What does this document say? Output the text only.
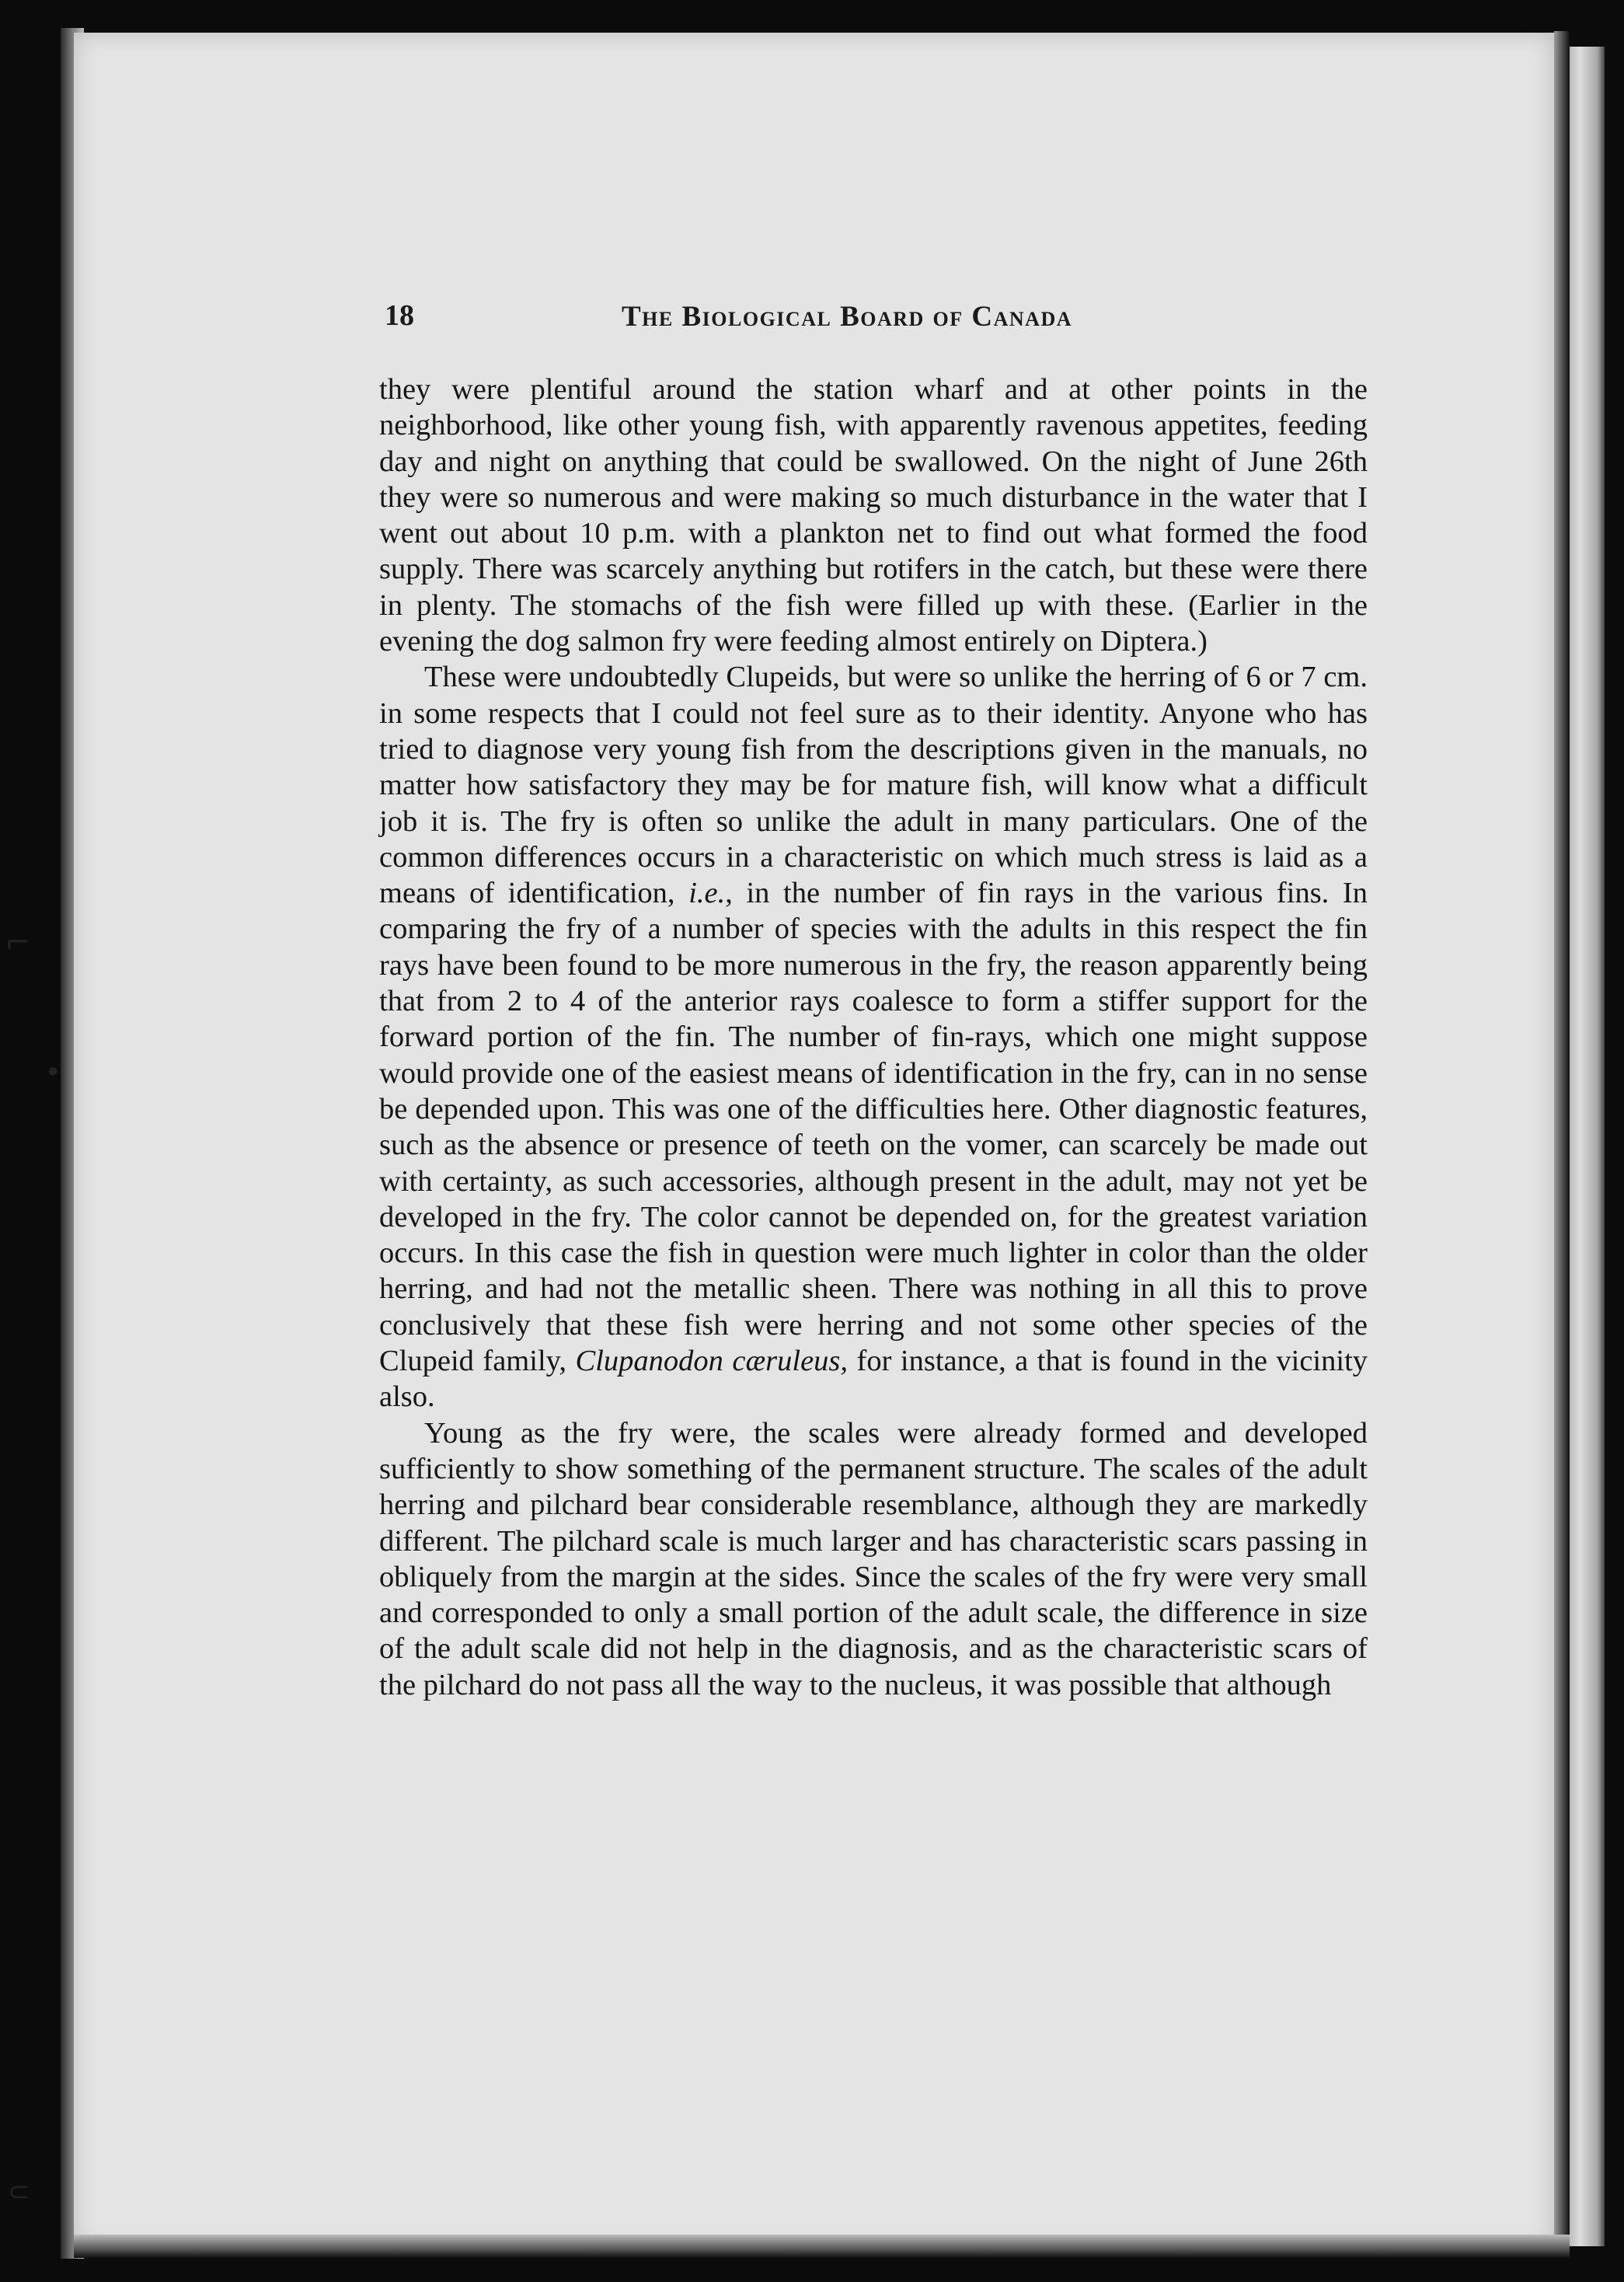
⌐
●
⊂
18	The Biological Board of Canada

they were plentiful around the station wharf and at other points in the neighborhood, like other young fish, with apparently ravenous appetites, feeding day and night on anything that could be swallowed. On the night of June 26th they were so numerous and were making so much disturbance in the water that I went out about 10 p.m. with a plankton net to find out what formed the food supply. There was scarcely anything but rotifers in the catch, but these were there in plenty. The stomachs of the fish were filled up with these. (Earlier in the evening the dog salmon fry were feeding almost entirely on Diptera.)

These were undoubtedly Clupeids, but were so unlike the herring of 6 or 7 cm. in some respects that I could not feel sure as to their identity. Anyone who has tried to diagnose very young fish from the descriptions given in the manuals, no matter how satisfactory they may be for mature fish, will know what a difficult job it is. The fry is often so unlike the adult in many particulars. One of the common differences occurs in a characteristic on which much stress is laid as a means of identification, i.e., in the number of fin rays in the various fins. In comparing the fry of a number of species with the adults in this respect the fin rays have been found to be more numerous in the fry, the reason apparently being that from 2 to 4 of the anterior rays coalesce to form a stiffer support for the forward portion of the fin. The number of fin-rays, which one might suppose would provide one of the easiest means of identification in the fry, can in no sense be depended upon. This was one of the difficulties here. Other diagnostic features, such as the absence or presence of teeth on the vomer, can scarcely be made out with certainty, as such accessories, although present in the adult, may not yet be developed in the fry. The color cannot be depended on, for the greatest variation occurs. In this case the fish in question were much lighter in color than the older herring, and had not the metallic sheen. There was nothing in all this to prove conclusively that these fish were herring and not some other species of the Clupeid family, Clupanodon cæruleus, for instance, a that is found in the vicinity also.

Young as the fry were, the scales were already formed and developed sufficiently to show something of the permanent structure. The scales of the adult herring and pilchard bear considerable resemblance, although they are markedly different. The pilchard scale is much larger and has characteristic scars passing in obliquely from the margin at the sides. Since the scales of the fry were very small and corresponded to only a small portion of the adult scale, the difference in size of the adult scale did not help in the diagnosis, and as the characteristic scars of the pilchard do not pass all the way to the nucleus, it was possible that although
